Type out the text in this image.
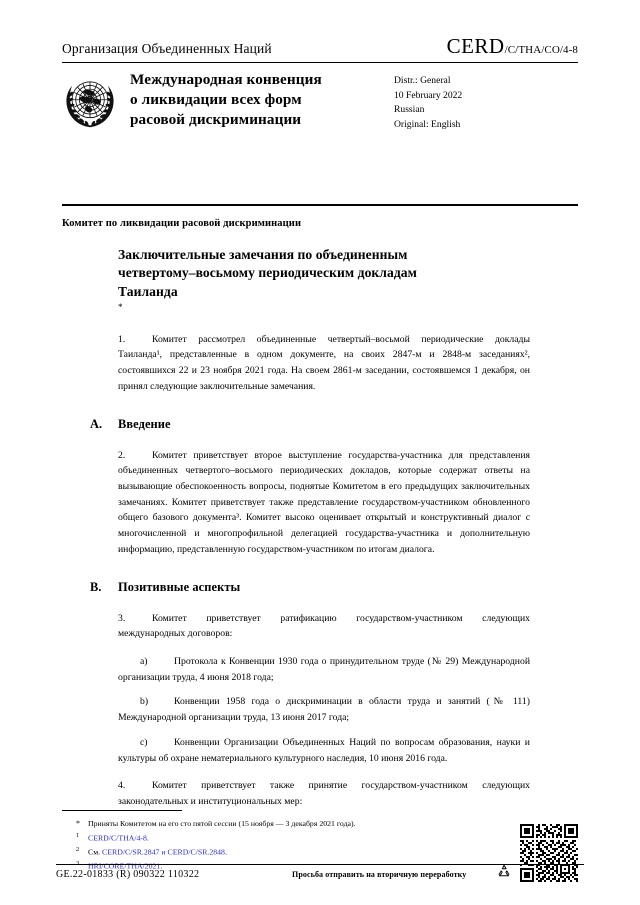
Организация Объединенных Наций	CERD/C/THA/CO/4-8
Международная конвенция
о ликвидации всех форм
расовой дискриминации
Distr.: General
10 February 2022
Russian
Original: English
Комитет по ликвидации расовой дискриминации
Заключительные замечания по объединенным
четвертому–восьмому периодическим докладам
Таиланда
*

1.	Комитет рассмотрел объединенные четвертый–восьмой периодические доклады Таиланда¹, представленные в одном документе, на своих 2847-м и 2848-м заседаниях², состоявшихся 22 и 23 ноября 2021 года. На своем 2861-м заседании, состоявшемся 1 декабря, он принял следующие заключительные замечания.

A.	Введение

2.	Комитет приветствует второе выступление государства-участника для представления объединенных четвертого–восьмого периодических докладов, которые содержат ответы на вызывающие обеспокоенность вопросы, поднятые Комитетом в его предыдущих заключительных замечаниях. Комитет приветствует также представление государством-участником обновленного общего базового документа³. Комитет высоко оценивает открытый и конструктивный диалог с многочисленной и многопрофильной делегацией государства-участника и дополнительную информацию, представленную государством-участником по итогам диалога.

B.	Позитивные аспекты

3.	Комитет приветствует ратификацию государством-участником следующих международных договоров:

a)	Протокола к Конвенции 1930 года о принудительном труде (№ 29) Международной организации труда, 4 июня 2018 года;

b)	Конвенции 1958 года о дискриминации в области труда и занятий (№ 111) Международной организации труда, 13 июня 2017 года;

c)	Конвенции Организации Объединенных Наций по вопросам образования, науки и культуры об охране нематериального культурного наследия, 10 июня 2016 года.

4.	Комитет приветствует также принятие государством-участником следующих законодательных и институциональных мер:

* Приняты Комитетом на его сто пятой сессии (15 ноября — 3 декабря 2021 года).
1 CERD/C/THA/4-8.
2 См. CERD/C/SR.2847 и CERD/C/SR.2848.
3 HRI/CORE/THA/2021.
GE.22-01833 (R) 090322 110322	Просьба отправить на вторичную переработку
